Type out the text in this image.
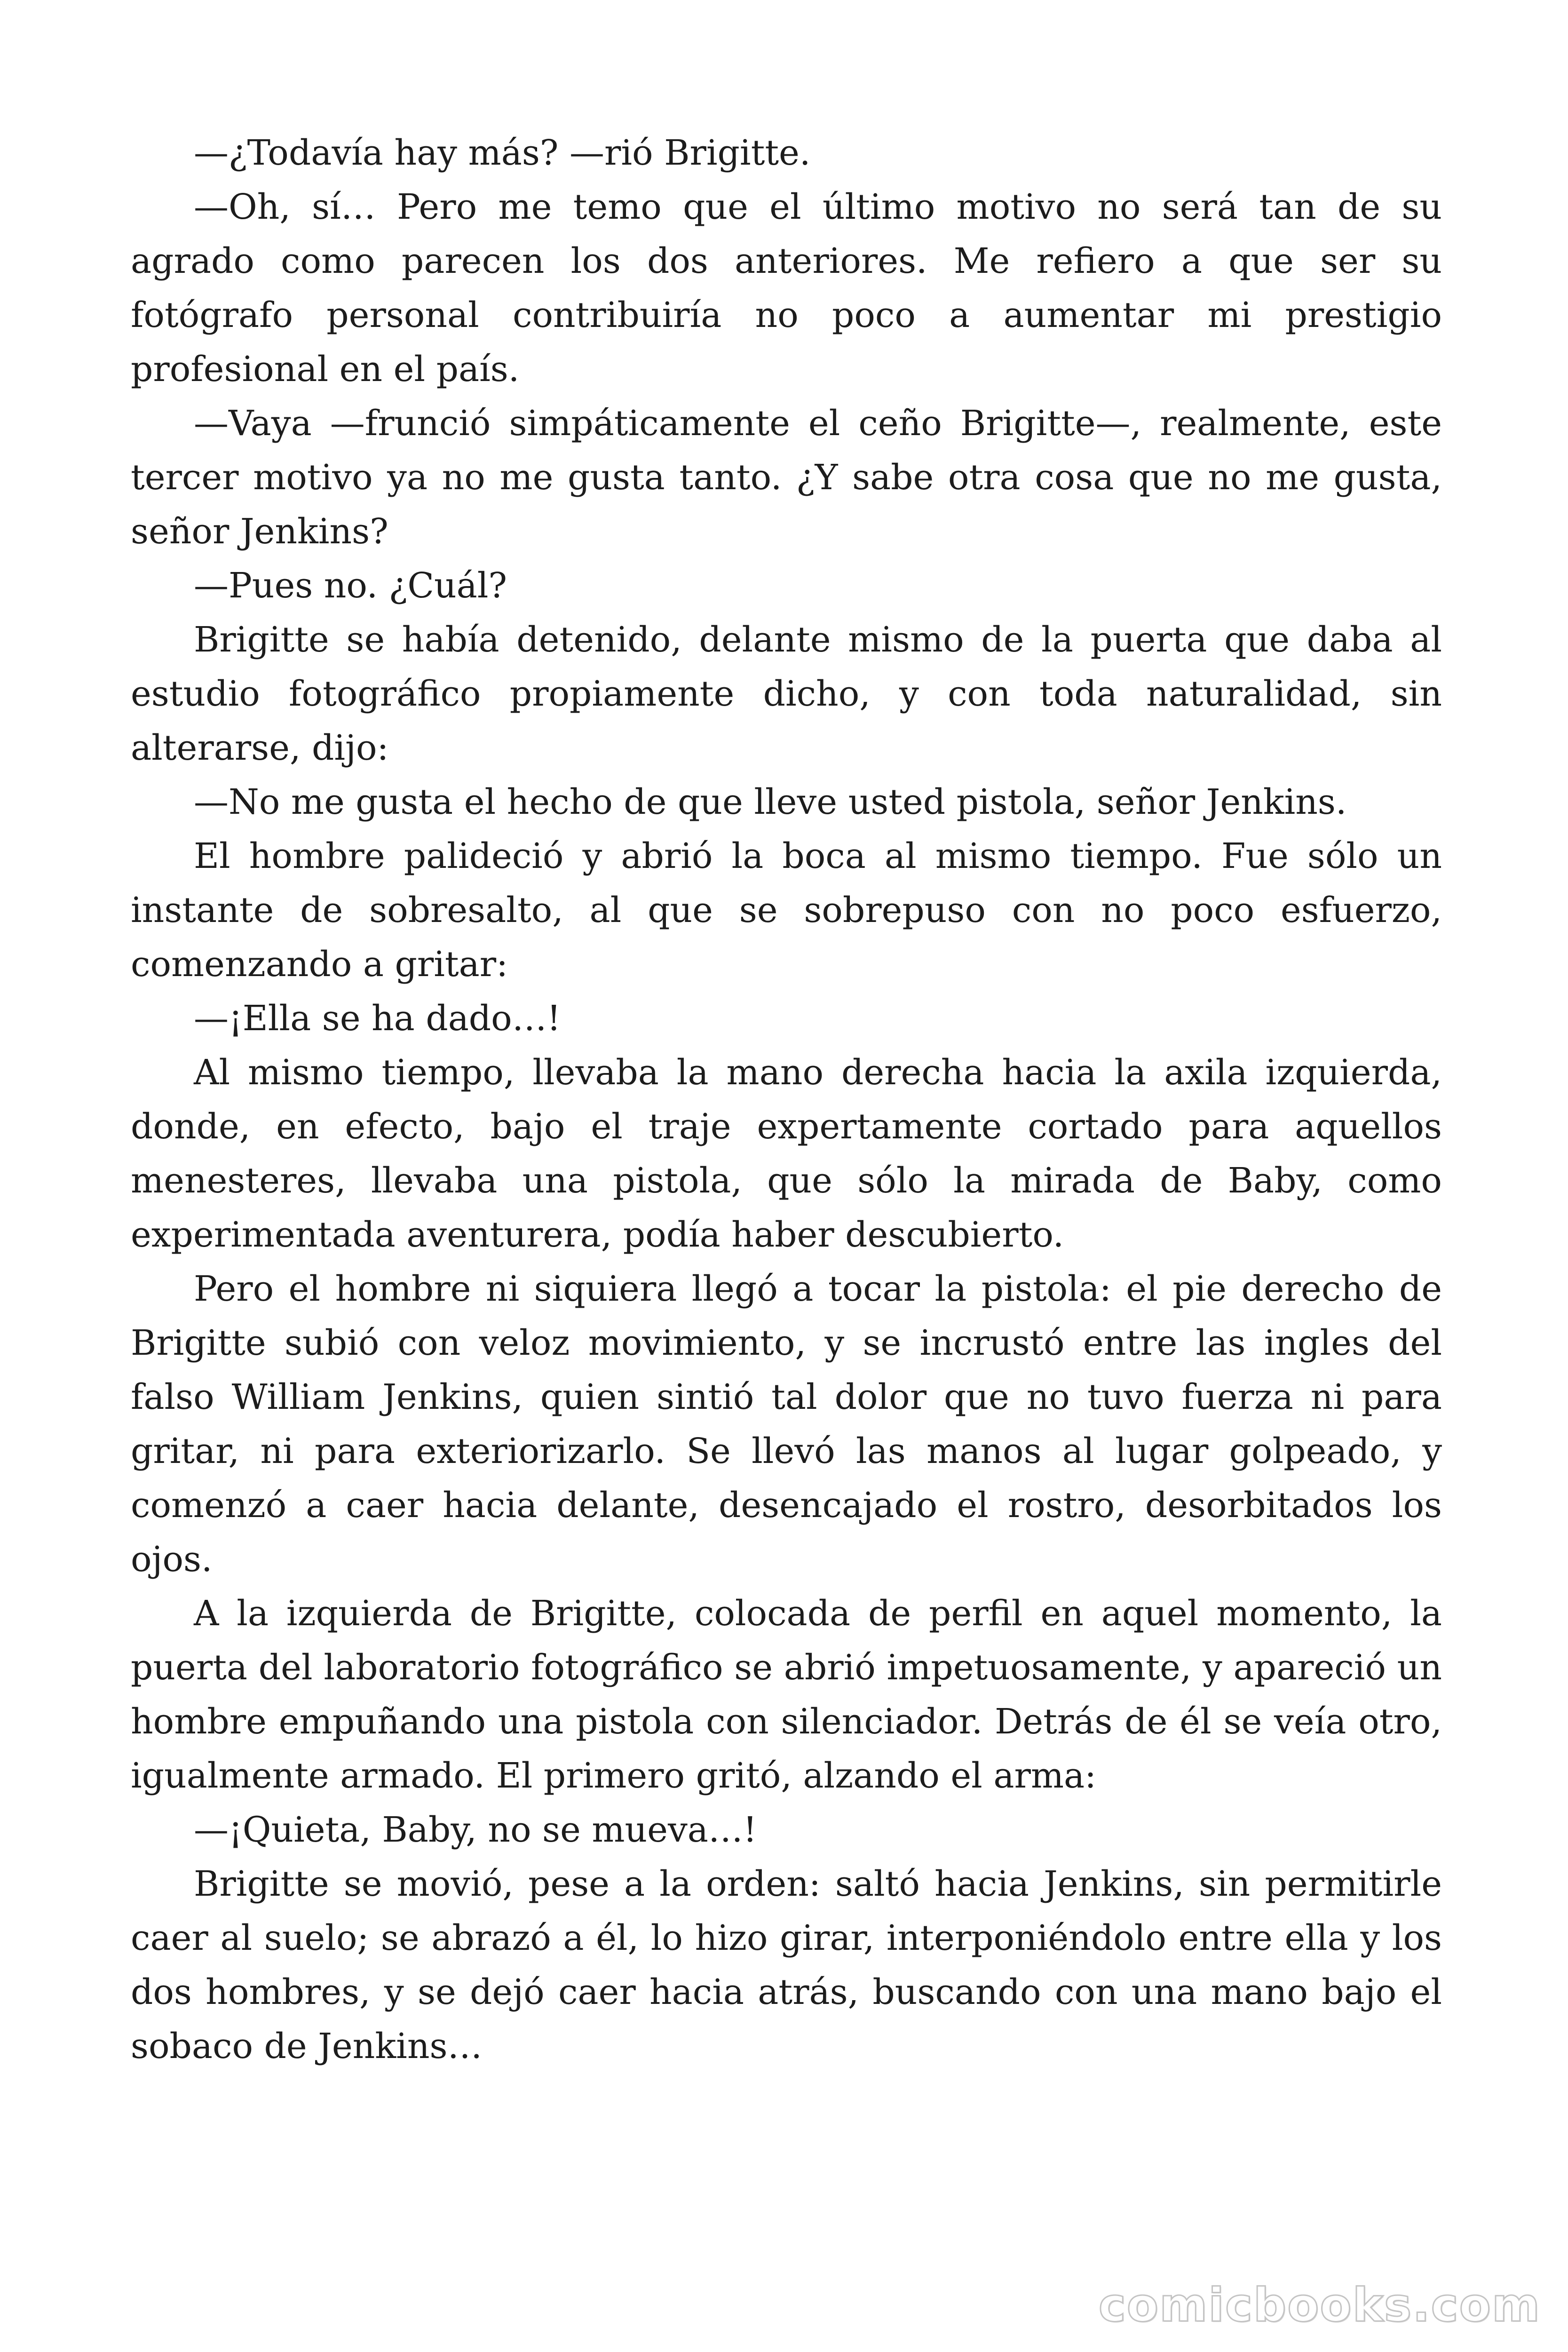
—¿Todavía hay más? —rió Brigitte.

—Oh, sí… Pero me temo que el último motivo no será tan de su agrado como parecen los dos anteriores. Me refiero a que ser su fotógrafo personal contribuiría no poco a aumentar mi prestigio profesional en el país.

—Vaya —frunció simpáticamente el ceño Brigitte—, realmente, este tercer motivo ya no me gusta tanto. ¿Y sabe otra cosa que no me gusta, señor Jenkins?

—Pues no. ¿Cuál?

Brigitte se había detenido, delante mismo de la puerta que daba al estudio fotográfico propiamente dicho, y con toda naturalidad, sin alterarse, dijo:

—No me gusta el hecho de que lleve usted pistola, señor Jenkins.

El hombre palideció y abrió la boca al mismo tiempo. Fue sólo un instante de sobresalto, al que se sobrepuso con no poco esfuerzo, comenzando a gritar:

—¡Ella se ha dado…!

Al mismo tiempo, llevaba la mano derecha hacia la axila izquierda, donde, en efecto, bajo el traje expertamente cortado para aquellos menesteres, llevaba una pistola, que sólo la mirada de Baby, como experimentada aventurera, podía haber descubierto.

Pero el hombre ni siquiera llegó a tocar la pistola: el pie derecho de Brigitte subió con veloz movimiento, y se incrustó entre las ingles del falso William Jenkins, quien sintió tal dolor que no tuvo fuerza ni para gritar, ni para exteriorizarlo. Se llevó las manos al lugar golpeado, y comenzó a caer hacia delante, desencajado el rostro, desorbitados los ojos.

A la izquierda de Brigitte, colocada de perfil en aquel momento, la puerta del laboratorio fotográfico se abrió impetuosamente, y apareció un hombre empuñando una pistola con silenciador. Detrás de él se veía otro, igualmente armado. El primero gritó, alzando el arma:

—¡Quieta, Baby, no se mueva…!

Brigitte se movió, pese a la orden: saltó hacia Jenkins, sin permitirle caer al suelo; se abrazó a él, lo hizo girar, interponiéndolo entre ella y los dos hombres, y se dejó caer hacia atrás, buscando con una mano bajo el sobaco de Jenkins…

comicbooks.com
